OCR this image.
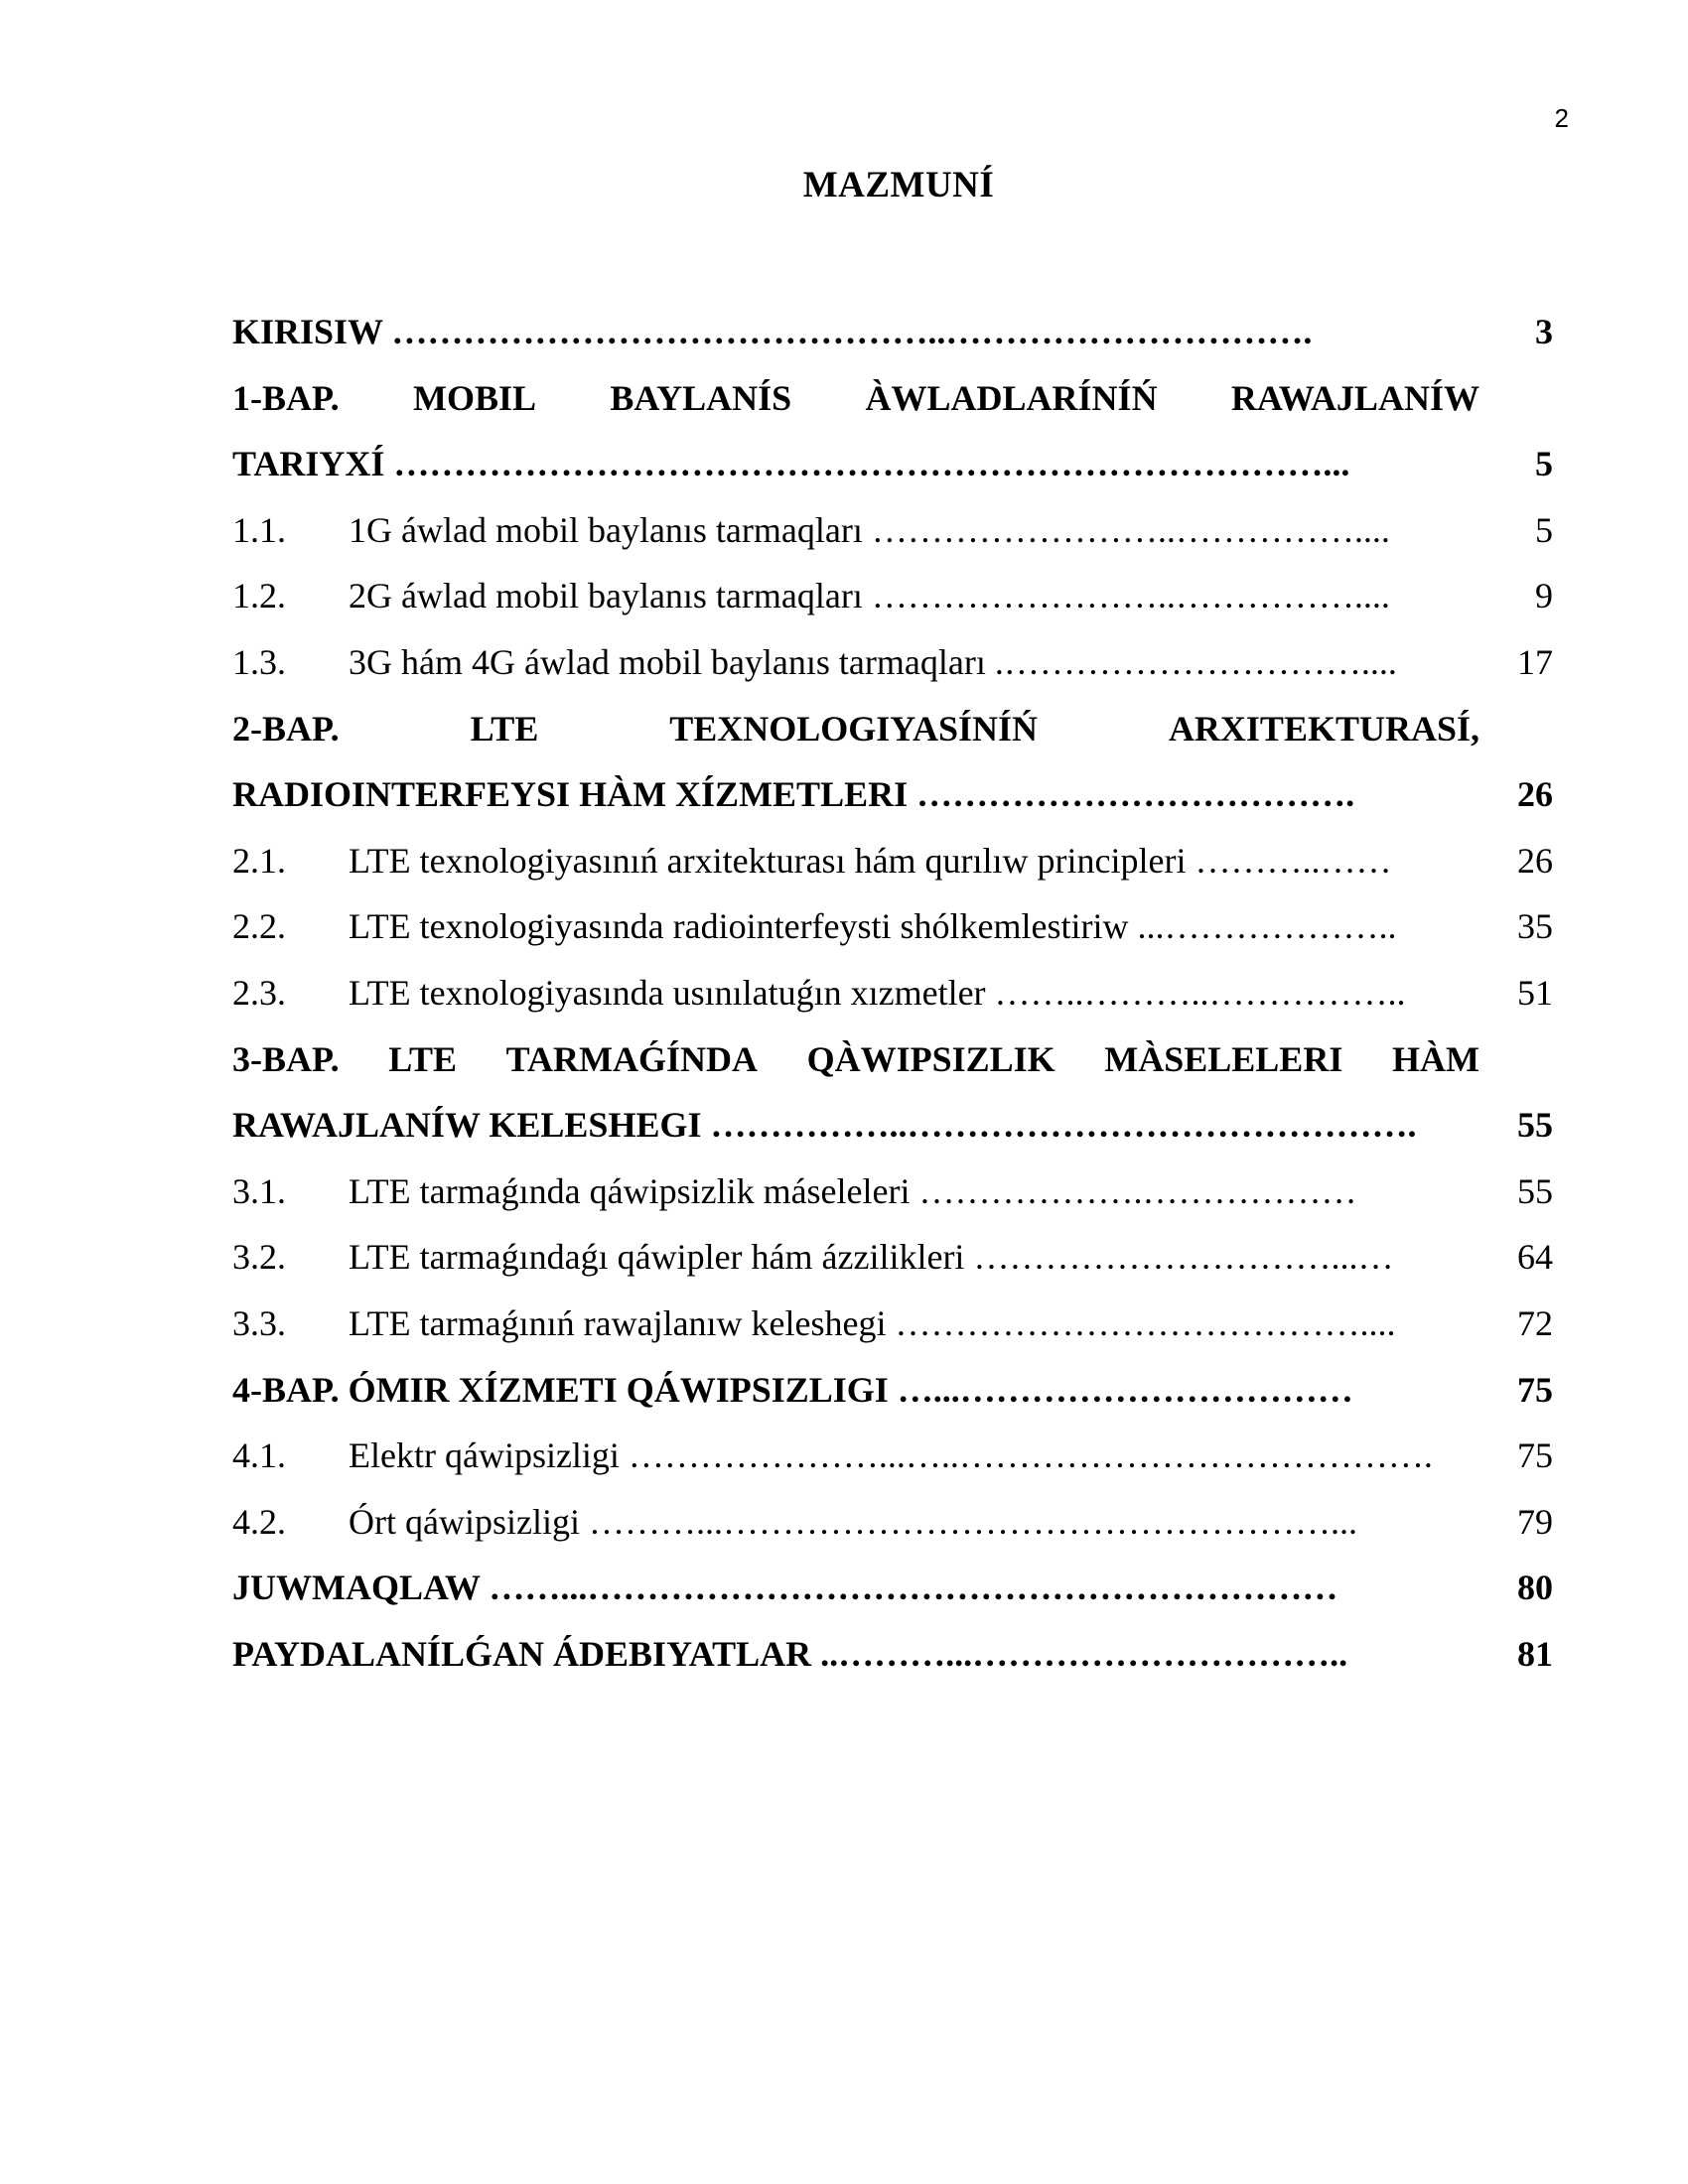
2
MAZMUNÍ
KIRISIW ………………………………………..………………………….	3
1-BAP. MOBIL BAYLANÍS ÀWLADLARÍNÍŃ RAWAJLANÍW
TARIYXÍ ……………………………………………………………………...	5
1.1.	1G áwlad mobil baylanıs tarmaqları ……………………..……………....	5
1.2.	2G áwlad mobil baylanıs tarmaqları ……………………..……………....	9
1.3.	3G hám 4G áwlad mobil baylanıs tarmaqları .…………………………....	17
2-BAP.	LTE	TEXNOLOGIYASÍNÍŃ	ARXITEKTURASÍ,
RADIOINTERFEYSI HÀM XÍZMETLERI ……………………………….	26
2.1.	LTE texnologiyasınıń arxitekturası hám qurılıw principleri ………..……	26
2.2.	LTE texnologiyasında radiointerfeysti shólkemlestiriw ...………………..	35
2.3.	LTE texnologiyasında usınılatuǵın xızmetler ……..………..……………..	51
3-BAP. LTE TARMAǴÍNDA QÀWIPSIZLIK MÀSELELERI HÀM
RAWAJLANÍW KELESHEGI ……………..…………………………………….	55
3.1.	LTE tarmaǵında qáwipsizlik máseleleri ……………….………………	55
3.2.	LTE tarmaǵındaǵı qáwipler hám ázzilikleri …………………………...…	64
3.3.	LTE tarmaǵınıń rawajlanıw keleshegi …………………………………....	72
4-BAP. ÓMIR XÍZMETI QÁWIPSIZLIGI …...……………………………	75
4.1.	Elektr qáwipsizligi …………………...…..………………………………….	75
4.2.	Órt qáwipsizligi ………...……………………………………………...	79
JUWMAQLAW ……...………………………………………………………	80
PAYDALANÍLǴAN ÁDEBIYATLAR ..………...…………………………..	81
